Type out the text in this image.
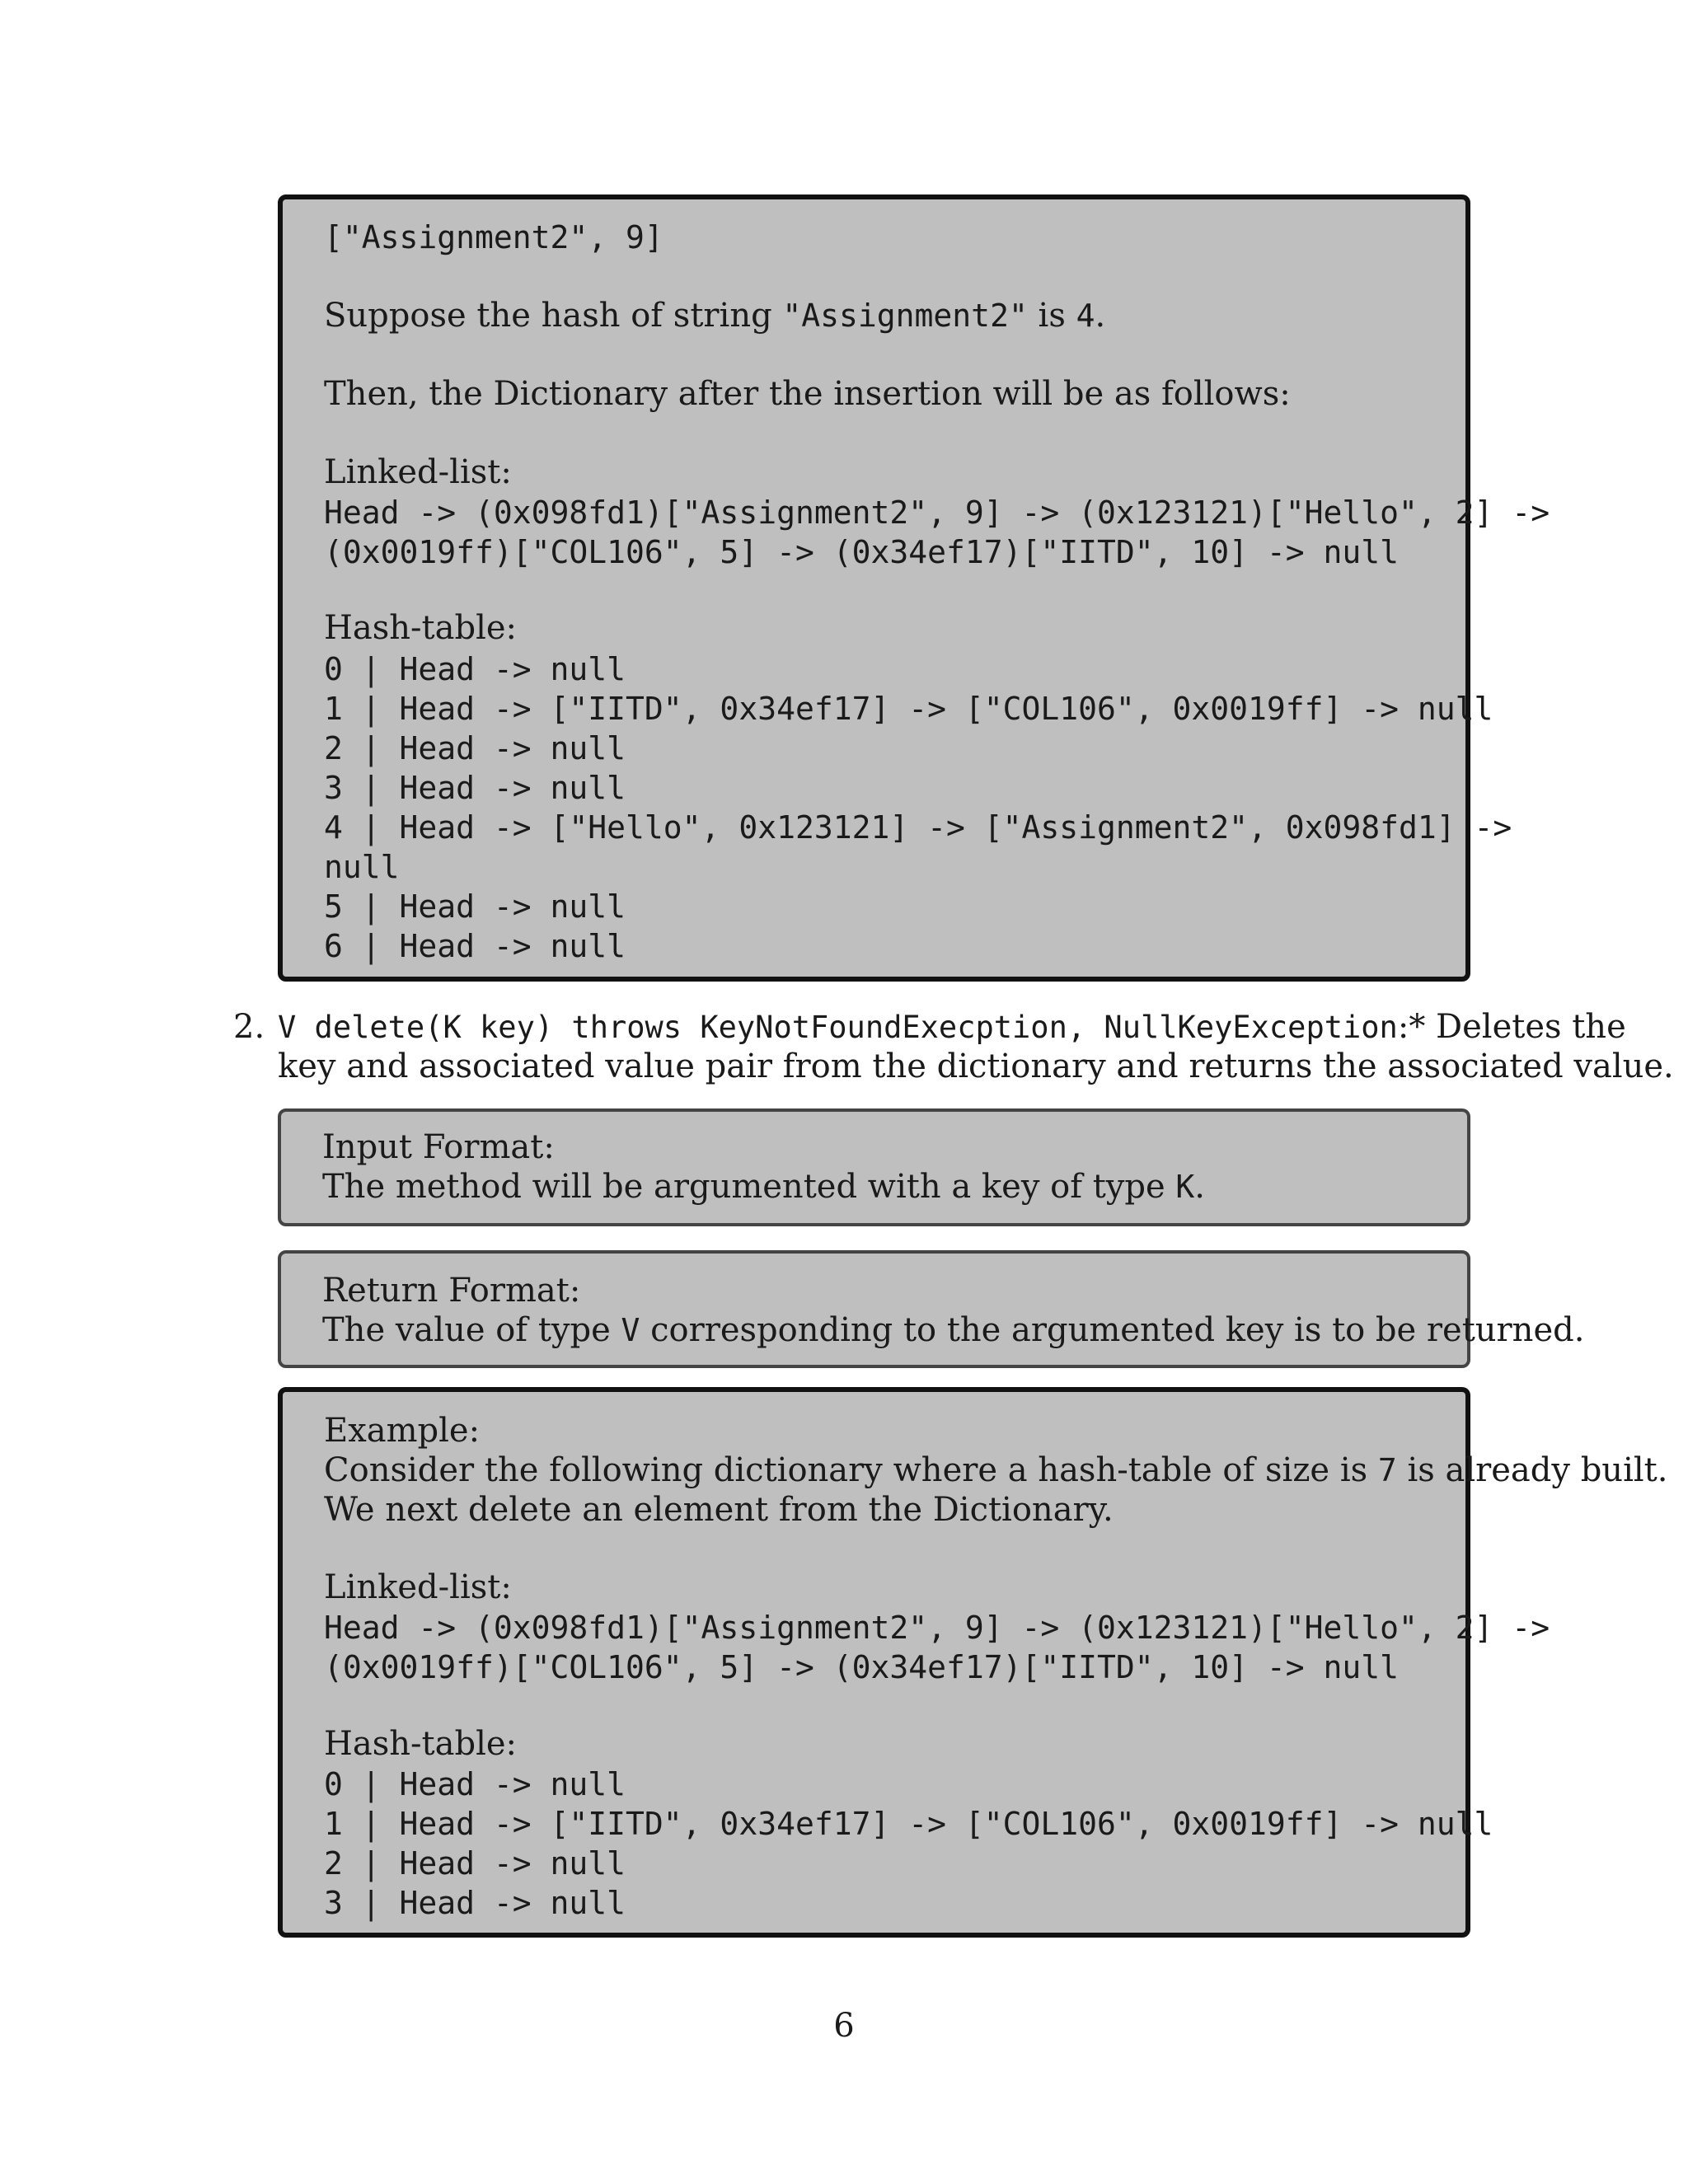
["Assignment2", 9]
Suppose the hash of string "Assignment2" is 4.
Then, the Dictionary after the insertion will be as follows:
Linked-list:
Head -> (0x098fd1)["Assignment2", 9] -> (0x123121)["Hello", 2] ->
(0x0019ff)["COL106", 5] -> (0x34ef17)["IITD", 10] -> null
Hash-table:
0 | Head -> null
1 | Head -> ["IITD", 0x34ef17] -> ["COL106", 0x0019ff] -> null
2 | Head -> null
3 | Head -> null
4 | Head -> ["Hello", 0x123121] -> ["Assignment2", 0x098fd1] ->
null
5 | Head -> null
6 | Head -> null
2. V delete(K key) throws KeyNotFoundExecption, NullKeyException:* Deletes the
key and associated value pair from the dictionary and returns the associated value.
Input Format:
The method will be argumented with a key of type K.
Return Format:
The value of type V corresponding to the argumented key is to be returned.
Example:
Consider the following dictionary where a hash-table of size is 7 is already built.
We next delete an element from the Dictionary.
Linked-list:
Head -> (0x098fd1)["Assignment2", 9] -> (0x123121)["Hello", 2] ->
(0x0019ff)["COL106", 5] -> (0x34ef17)["IITD", 10] -> null
Hash-table:
0 | Head -> null
1 | Head -> ["IITD", 0x34ef17] -> ["COL106", 0x0019ff] -> null
2 | Head -> null
3 | Head -> null
6
